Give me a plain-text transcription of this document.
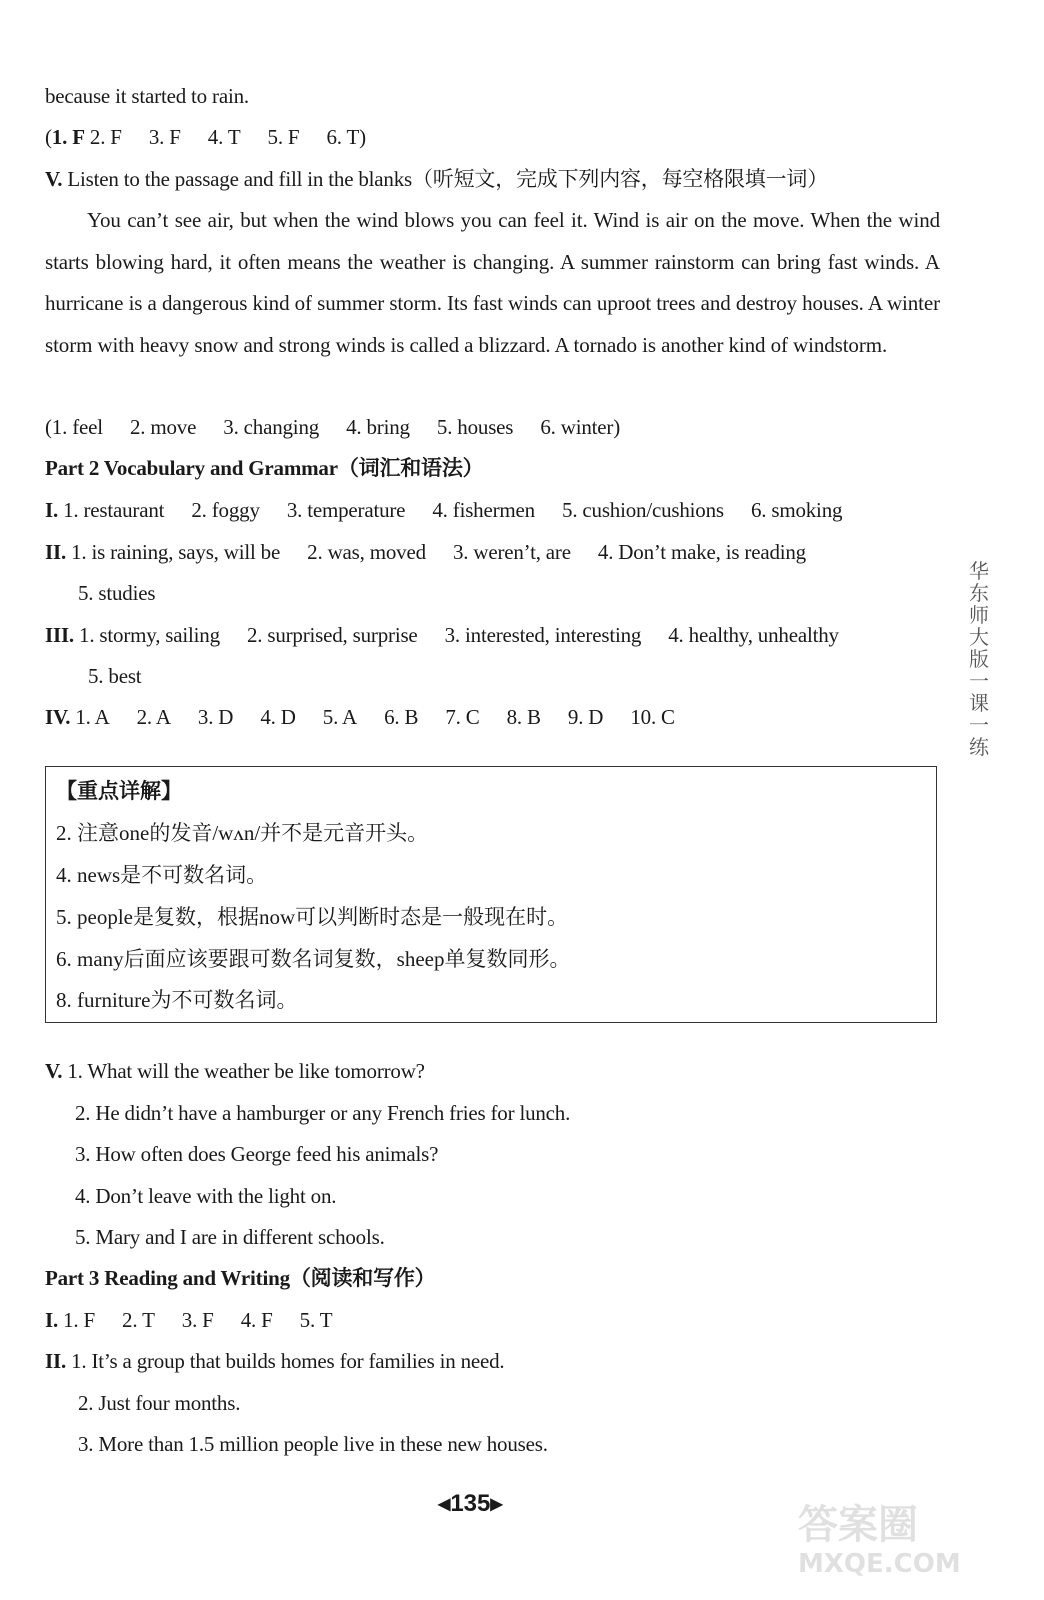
because it started to rain.
(1. F 2. F 3. F 4. T 5. F 6. T)
V. Listen to the passage and fill in the blanks（听短文，完成下列内容，每空格限填一词）
You can’t see air, but when the wind blows you can feel it. Wind is air on the move. When the wind starts blowing hard, it often means the weather is changing. A summer rainstorm can bring fast winds. A hurricane is a dangerous kind of summer storm. Its fast winds can uproot trees and destroy houses. A winter storm with heavy snow and strong winds is called a blizzard. A tornado is another kind of windstorm.
(1. feel 2. move 3. changing 4. bring 5. houses 6. winter)
Part 2 Vocabulary and Grammar（词汇和语法）
I. 1. restaurant 2. foggy 3. temperature 4. fishermen 5. cushion/cushions 6. smoking
II. 1. is raining, says, will be 2. was, moved 3. weren’t, are 4. Don’t make, is reading
5. studies
III. 1. stormy, sailing 2. surprised, surprise 3. interested, interesting 4. healthy, unhealthy
5. best
IV. 1. A 2. A 3. D 4. D 5. A 6. B 7. C 8. B 9. D 10. C
【重点详解】
2. 注意one的发音/wʌn/并不是元音开头。
4. news是不可数名词。
5. people是复数，根据now可以判断时态是一般现在时。
6. many后面应该要跟可数名词复数，sheep单复数同形。
8. furniture为不可数名词。
V. 1. What will the weather be like tomorrow?
2. He didn’t have a hamburger or any French fries for lunch.
3. How often does George feed his animals?
4. Don’t leave with the light on.
5. Mary and I are in different schools.
Part 3 Reading and Writing（阅读和写作）
I. 1. F 2. T 3. F 4. F 5. T
II. 1. It’s a group that builds homes for families in need.
2. Just four months.
3. More than 1.5 million people live in these new houses.
华东师大版一课一练
◀135▶	答案圈
MXQE.COM
